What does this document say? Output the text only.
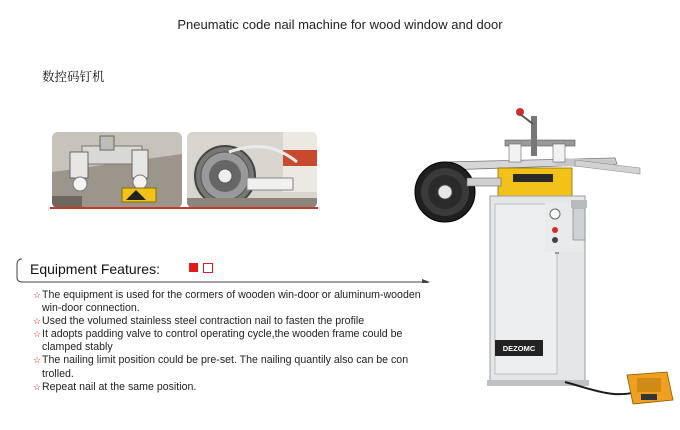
Pneumatic code nail machine for wood window and door
数控码钉机
Equipment Features:
☆ The equipment is used for the cormers of wooden win-door or aluminum-wooden
win-door connection.
☆ Used the volumed stainless steel contraction nail to fasten the profile
☆ It adopts padding valve to control operating cycle,the wooden frame could be
clamped stably
☆ The nailing limit position could be pre-set. The nailing quantily also can be con
trolled.
☆ Repeat nail at the same position.
DEZOMC
